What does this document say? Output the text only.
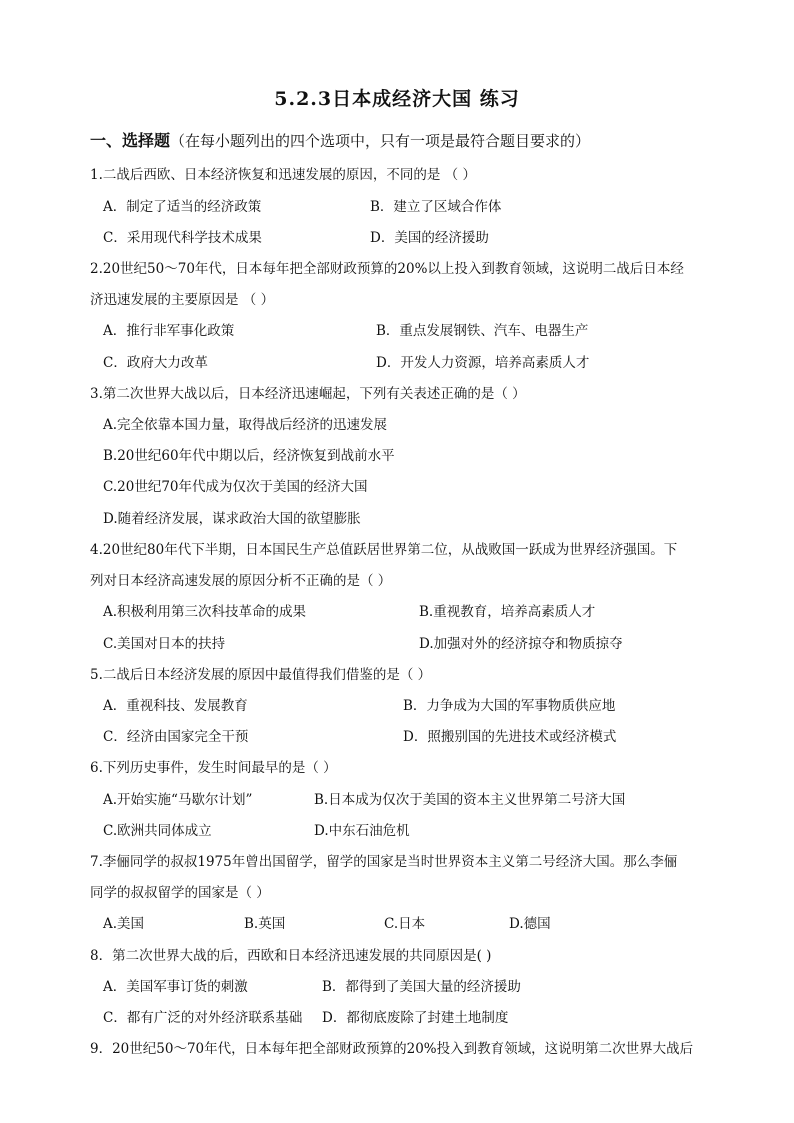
5.2.3日本成经济大国 练习
一、选择题（在每小题列出的四个选项中，只有一项是最符合题目要求的）
1.二战后西欧、日本经济恢复和迅速发展的原因，不同的是 （ ）
A．制定了适当的经济政策	B．建立了区域合作体
C．采用现代科学技术成果	D．美国的经济援助
2.20世纪50～70年代，日本每年把全部财政预算的20%以上投入到教育领域，这说明二战后日本经
济迅速发展的主要原因是 （ ）
A．推行非军事化政策	B．重点发展钢铁、汽车、电器生产
C．政府大力改革	D．开发人力资源，培养高素质人才
3.第二次世界大战以后，日本经济迅速崛起，下列有关表述正确的是（ ）
A.完全依靠本国力量，取得战后经济的迅速发展
B.20世纪60年代中期以后，经济恢复到战前水平
C.20世纪70年代成为仅次于美国的经济大国
D.随着经济发展，谋求政治大国的欲望膨胀
4.20世纪80年代下半期，日本国民生产总值跃居世界第二位，从战败国一跃成为世界经济强国。下
列对日本经济高速发展的原因分析不正确的是（ ）
A.积极利用第三次科技革命的成果	B.重视教育，培养高素质人才
C.美国对日本的扶持	D.加强对外的经济掠夺和物质掠夺
5.二战后日本经济发展的原因中最值得我们借鉴的是（ ）
A．重视科技、发展教育	B．力争成为大国的军事物质供应地
C．经济由国家完全干预	D．照搬别国的先进技术或经济模式
6.下列历史事件，发生时间最早的是（ ）
A.开始实施“马歇尔计划”	B.日本成为仅次于美国的资本主义世界第二号济大国
C.欧洲共同体成立	D.中东石油危机
7.李俪同学的叔叔1975年曾出国留学，留学的国家是当时世界资本主义第二号经济大国。那么李俪
同学的叔叔留学的国家是（ ）
A.美国	B.英国	C.日本	D.德国
8．第二次世界大战的后，西欧和日本经济迅速发展的共同原因是( )
A．美国军事订货的刺激	B．都得到了美国大量的经济援助
C．都有广泛的对外经济联系基础 D．都彻底废除了封建土地制度
9．20世纪50～70年代，日本每年把全部财政预算的20%投入到教育领域，这说明第二次世界大战后
